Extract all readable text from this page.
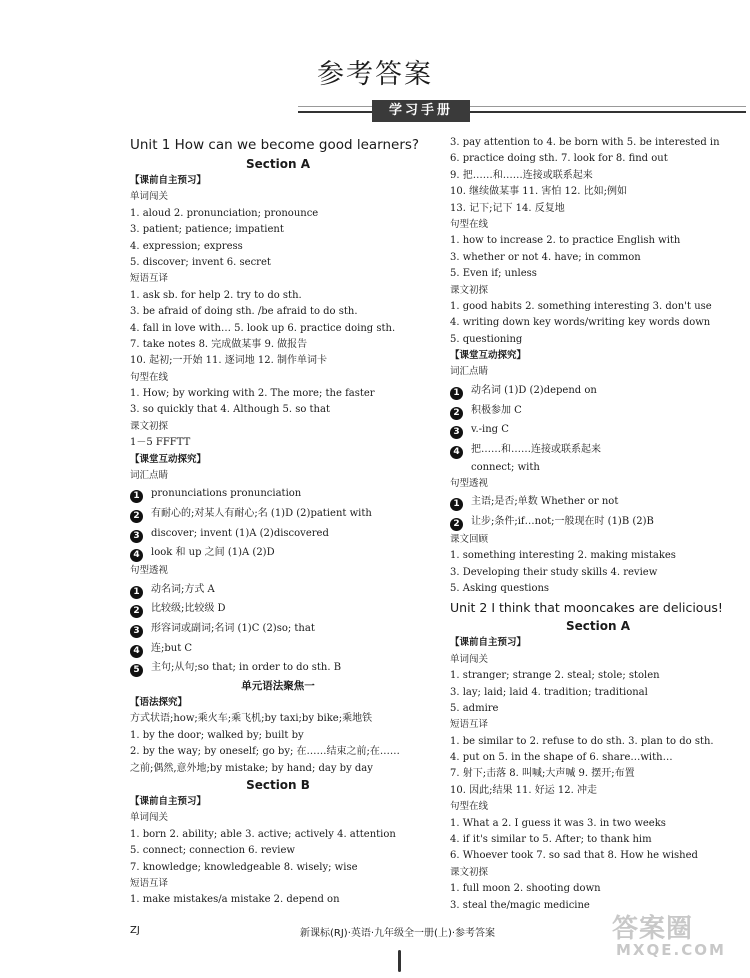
参考答案
学习手册
Unit 1 How can we become good learners?
Section A
【课前自主预习】
单词闯关
1. aloud 2. pronunciation; pronounce
3. patient; patience; impatient
4. expression; express
5. discover; invent 6. secret
短语互译
1. ask sb. for help 2. try to do sth.
3. be afraid of doing sth. /be afraid to do sth.
4. fall in love with… 5. look up 6. practice doing sth.
7. take notes 8. 完成做某事 9. 做报告
10. 起初;一开始 11. 逐词地 12. 制作单词卡
句型在线
1. How; by working with 2. The more; the faster
3. so quickly that 4. Although 5. so that
课文初探
1－5 FFFTT
【课堂互动探究】
词汇点睛
1 pronunciations pronunciation
2 有耐心的;对某人有耐心;名 (1)D (2)patient with
3 discover; invent (1)A (2)discovered
4 look 和 up 之间 (1)A (2)D
句型透视
1 动名词;方式 A
2 比较级;比较级 D
3 形容词或副词;名词 (1)C (2)so; that
4 连;but C
5 主句;从句;so that; in order to do sth. B
单元语法聚焦一
【语法探究】
方式状语;how;乘火车;乘飞机;by taxi;by bike;乘地铁
1. by the door; walked by; built by
2. by the way; by oneself; go by; 在……结束之前;在……
之前;偶然,意外地;by mistake; by hand; day by day
Section B
【课前自主预习】
单词闯关
1. born 2. ability; able 3. active; actively 4. attention
5. connect; connection 6. review
7. knowledge; knowledgeable 8. wisely; wise
短语互译
1. make mistakes/a mistake 2. depend on
3. pay attention to 4. be born with 5. be interested in
6. practice doing sth. 7. look for 8. find out
9. 把……和……连接或联系起来
10. 继续做某事 11. 害怕 12. 比如;例如
13. 记下;记下 14. 反复地
句型在线
1. how to increase 2. to practice English with
3. whether or not 4. have; in common
5. Even if; unless
课文初探
1. good habits 2. something interesting 3. don't use
4. writing down key words/writing key words down
5. questioning
【课堂互动探究】
词汇点睛
1 动名词 (1)D (2)depend on
2 积极参加 C
3 v.-ing C
4 把……和……连接或联系起来
connect; with
句型透视
1 主语;是否;单数 Whether or not
2 让步;条件;if…not;一般现在时 (1)B (2)B
课文回顾
1. something interesting 2. making mistakes
3. Developing their study skills 4. review
5. Asking questions
Unit 2 I think that mooncakes are delicious!
Section A
【课前自主预习】
单词闯关
1. stranger; strange 2. steal; stole; stolen
3. lay; laid; laid 4. tradition; traditional
5. admire
短语互译
1. be similar to 2. refuse to do sth. 3. plan to do sth.
4. put on 5. in the shape of 6. share…with…
7. 射下;击落 8. 叫喊;大声喊 9. 摆开;布置
10. 因此;结果 11. 好运 12. 冲走
句型在线
1. What a 2. I guess it was 3. in two weeks
4. if it's similar to 5. After; to thank him
6. Whoever took 7. so sad that 8. How he wished
课文初探
1. full moon 2. shooting down
3. steal the/magic medicine
ZJ	新课标(RJ)·英语·九年级全一册(上)·参考答案	答案圈
MXQE.COM
